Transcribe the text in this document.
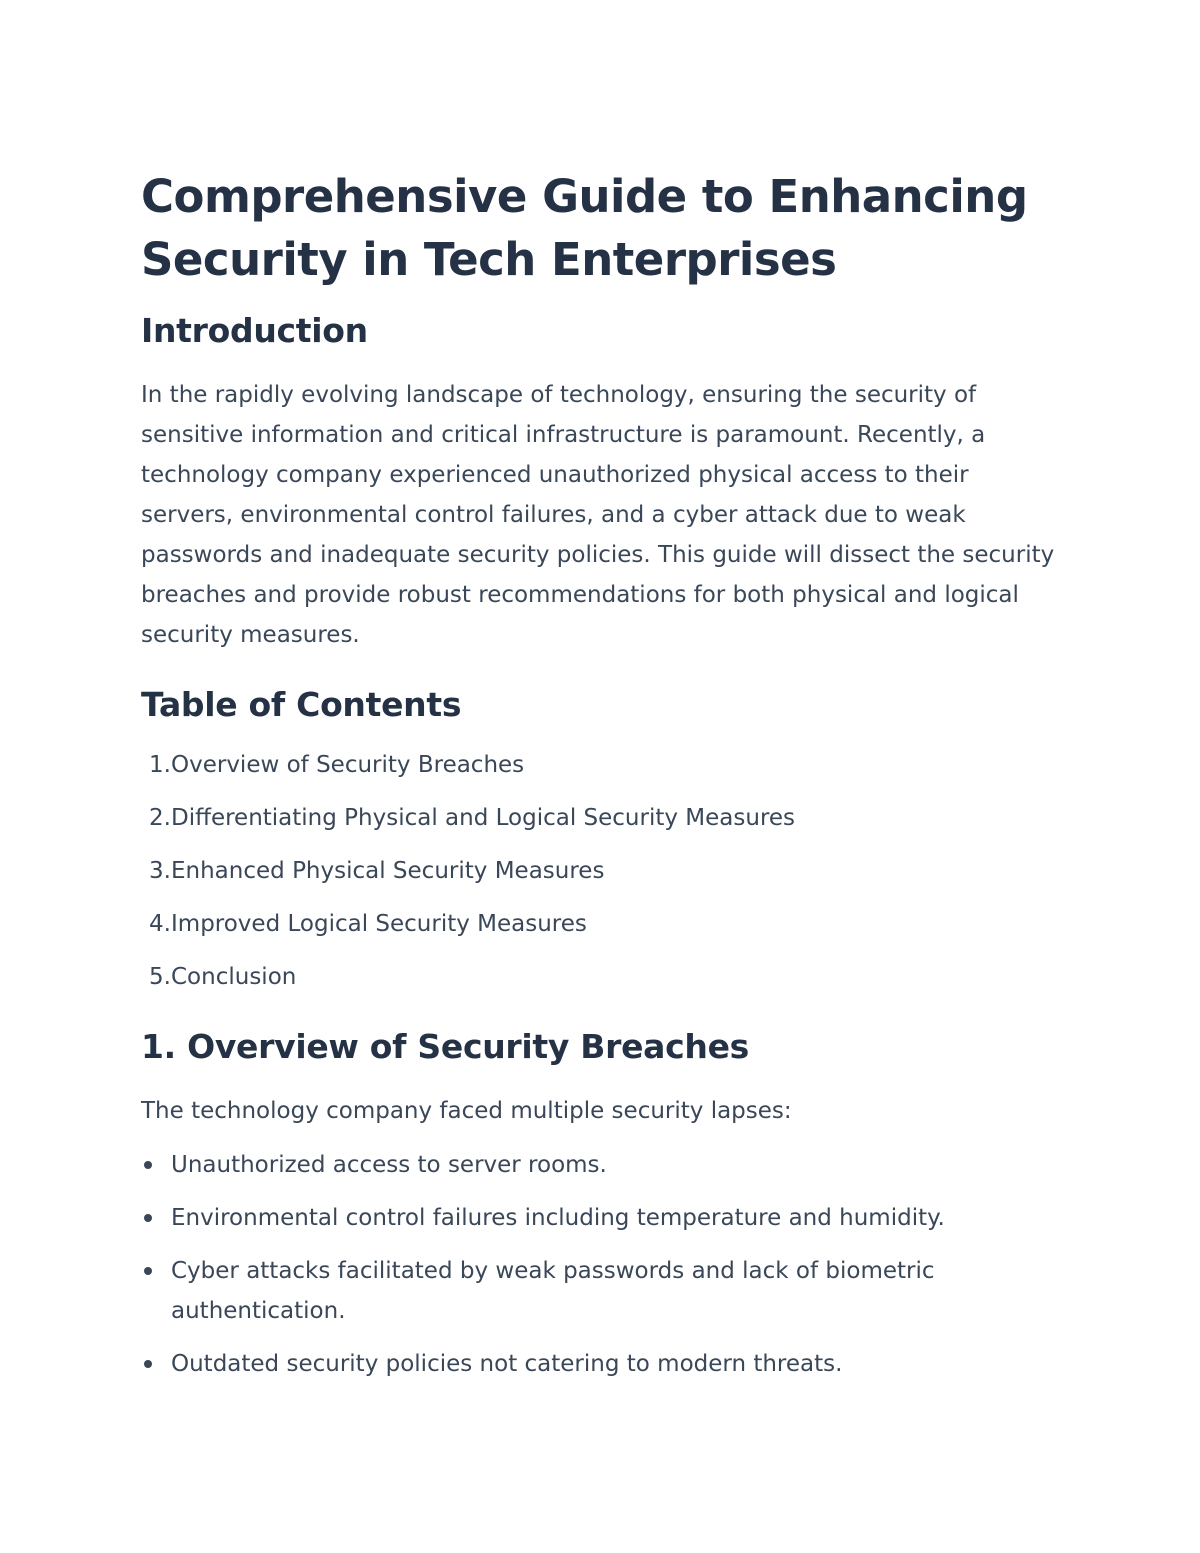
Comprehensive Guide to Enhancing Security in Tech Enterprises
Introduction

In the rapidly evolving landscape of technology, ensuring the security of sensitive information and critical infrastructure is paramount. Recently, a technology company experienced unauthorized physical access to their servers, environmental control failures, and a cyber attack due to weak passwords and inadequate security policies. This guide will dissect the security breaches and provide robust recommendations for both physical and logical security measures.

Table of Contents
1. Overview of Security Breaches
2. Differentiating Physical and Logical Security Measures
3. Enhanced Physical Security Measures
4. Improved Logical Security Measures
5. Conclusion
1. Overview of Security Breaches

The technology company faced multiple security lapses:

Unauthorized access to server rooms.
Environmental control failures including temperature and humidity.
Cyber attacks facilitated by weak passwords and lack of biometric authentication.
Outdated security policies not catering to modern threats.
